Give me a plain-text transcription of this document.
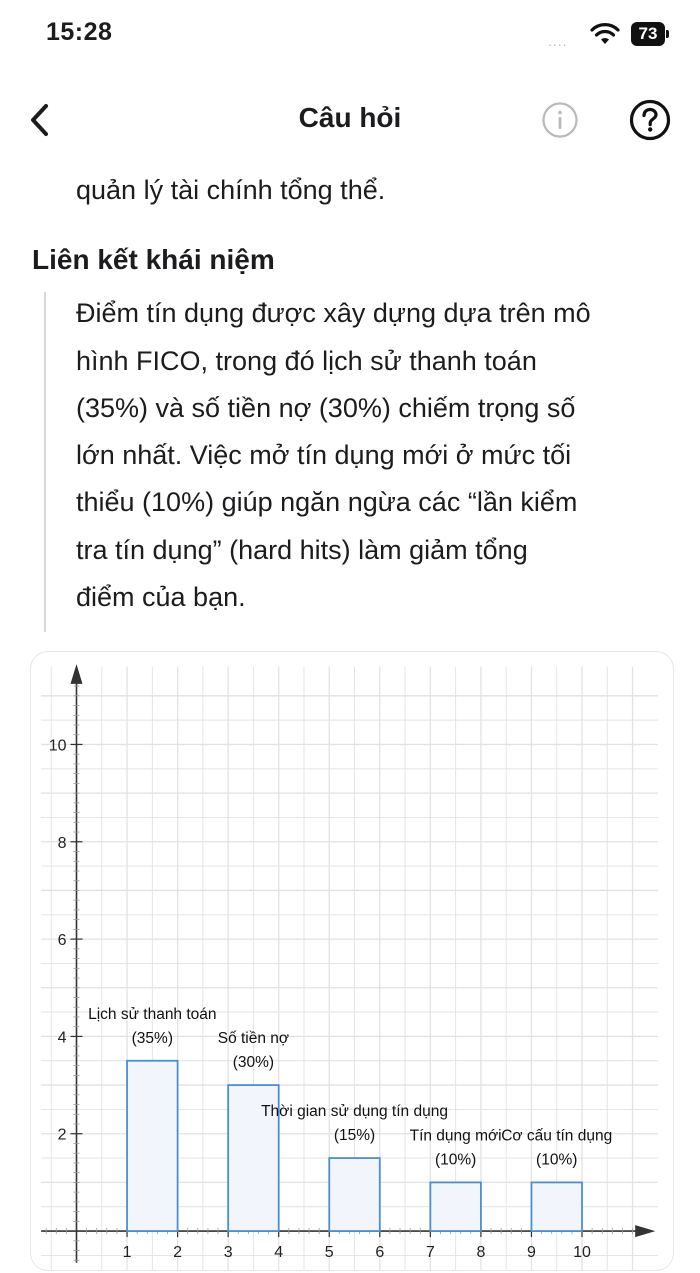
15:28	....	73
Câu hỏi
quản lý tài chính tổng thể.
Liên kết khái niệm
Điểm tín dụng được xây dựng dựa trên mô
hình FICO, trong đó lịch sử thanh toán
(35%) và số tiền nợ (30%) chiếm trọng số
lớn nhất. Việc mở tín dụng mới ở mức tối
thiểu (10%) giúp ngăn ngừa các “lần kiểm
tra tín dụng” (hard hits) làm giảm tổng
điểm của bạn.
1	2	3	4	5	6	7	8	9 10
2
4
6
8
10
Lịch sử thanh toán
(35%)	Số tiền nợ
(30%)
Thời gian sử dụng tín dụng
(15%) Tín dụng mới
(10%)
Cơ cấu tín dụng
(10%)
